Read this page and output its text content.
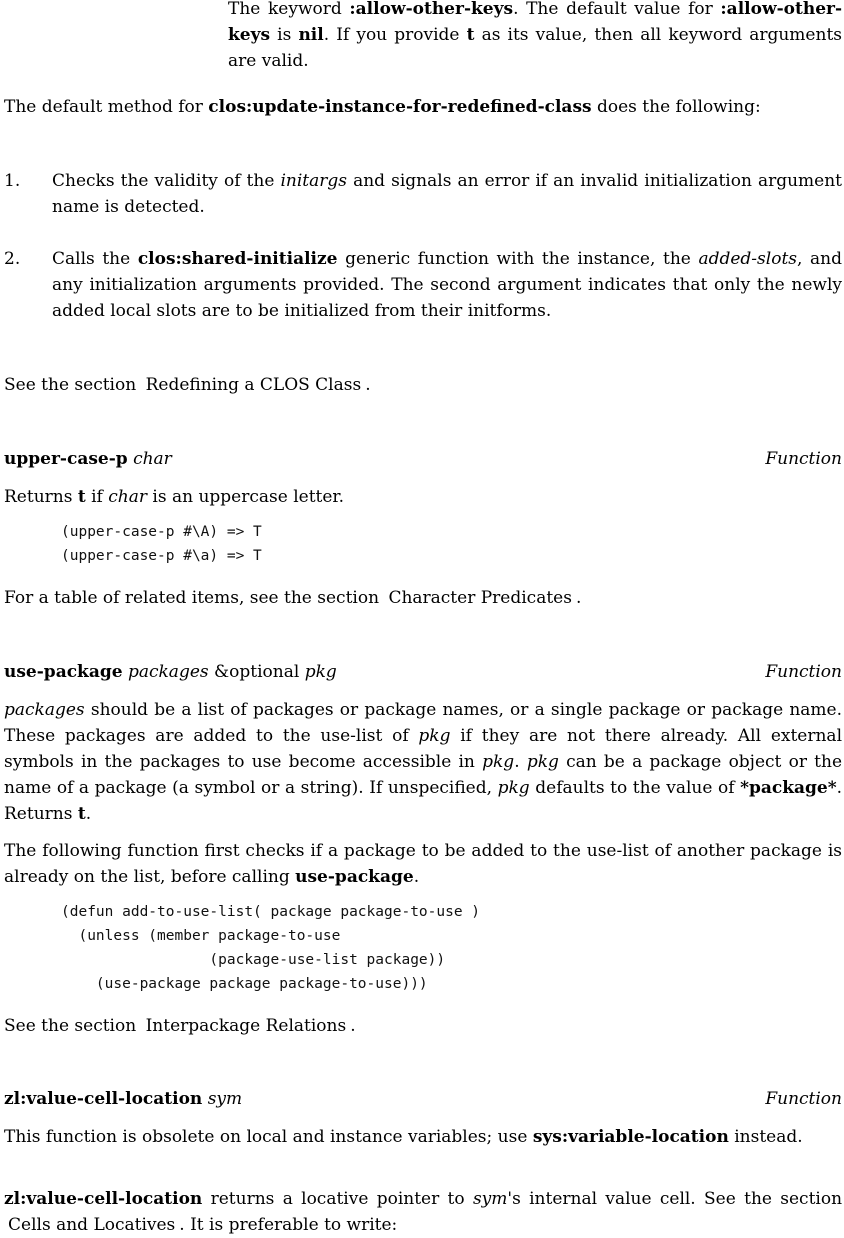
The keyword :allow-other-keys. The default value for :allow-other-keys is nil. If you provide t as its value, then all keyword arguments are valid.

The default method for clos:update-instance-for-redefined-class does the following:

1. Checks the validity of the initargs and signals an error if an invalid initialization argument name is detected.

2. Calls the clos:shared-initialize generic function with the instance, the added-slots, and any initialization arguments provided. The second argument indicates that only the newly added local slots are to be initialized from their initforms.

See the section Redefining a CLOS Class .

upper-case-p char	Function

Returns t if char is an uppercase letter.

(upper-case-p #\A) => T
(upper-case-p #\a) => T

For a table of related items, see the section Character Predicates .

use-package packages &optional pkg	Function

packages should be a list of packages or package names, or a single package or package name. These packages are added to the use-list of pkg if they are not there already. All external symbols in the packages to use become accessible in pkg. pkg can be a package object or the name of a package (a symbol or a string). If unspecified, pkg defaults to the value of *package*. Returns t.

The following function first checks if a package to be added to the use-list of another package is already on the list, before calling use-package.

(defun add-to-use-list( package package-to-use )
(unless (member package-to-use
(package-use-list package))
(use-package package package-to-use)))

See the section Interpackage Relations .

zl:value-cell-location sym	Function

This function is obsolete on local and instance variables; use sys:variable-location instead.

zl:value-cell-location returns a locative pointer to sym's internal value cell. See the section Cells and Locatives . It is preferable to write:
